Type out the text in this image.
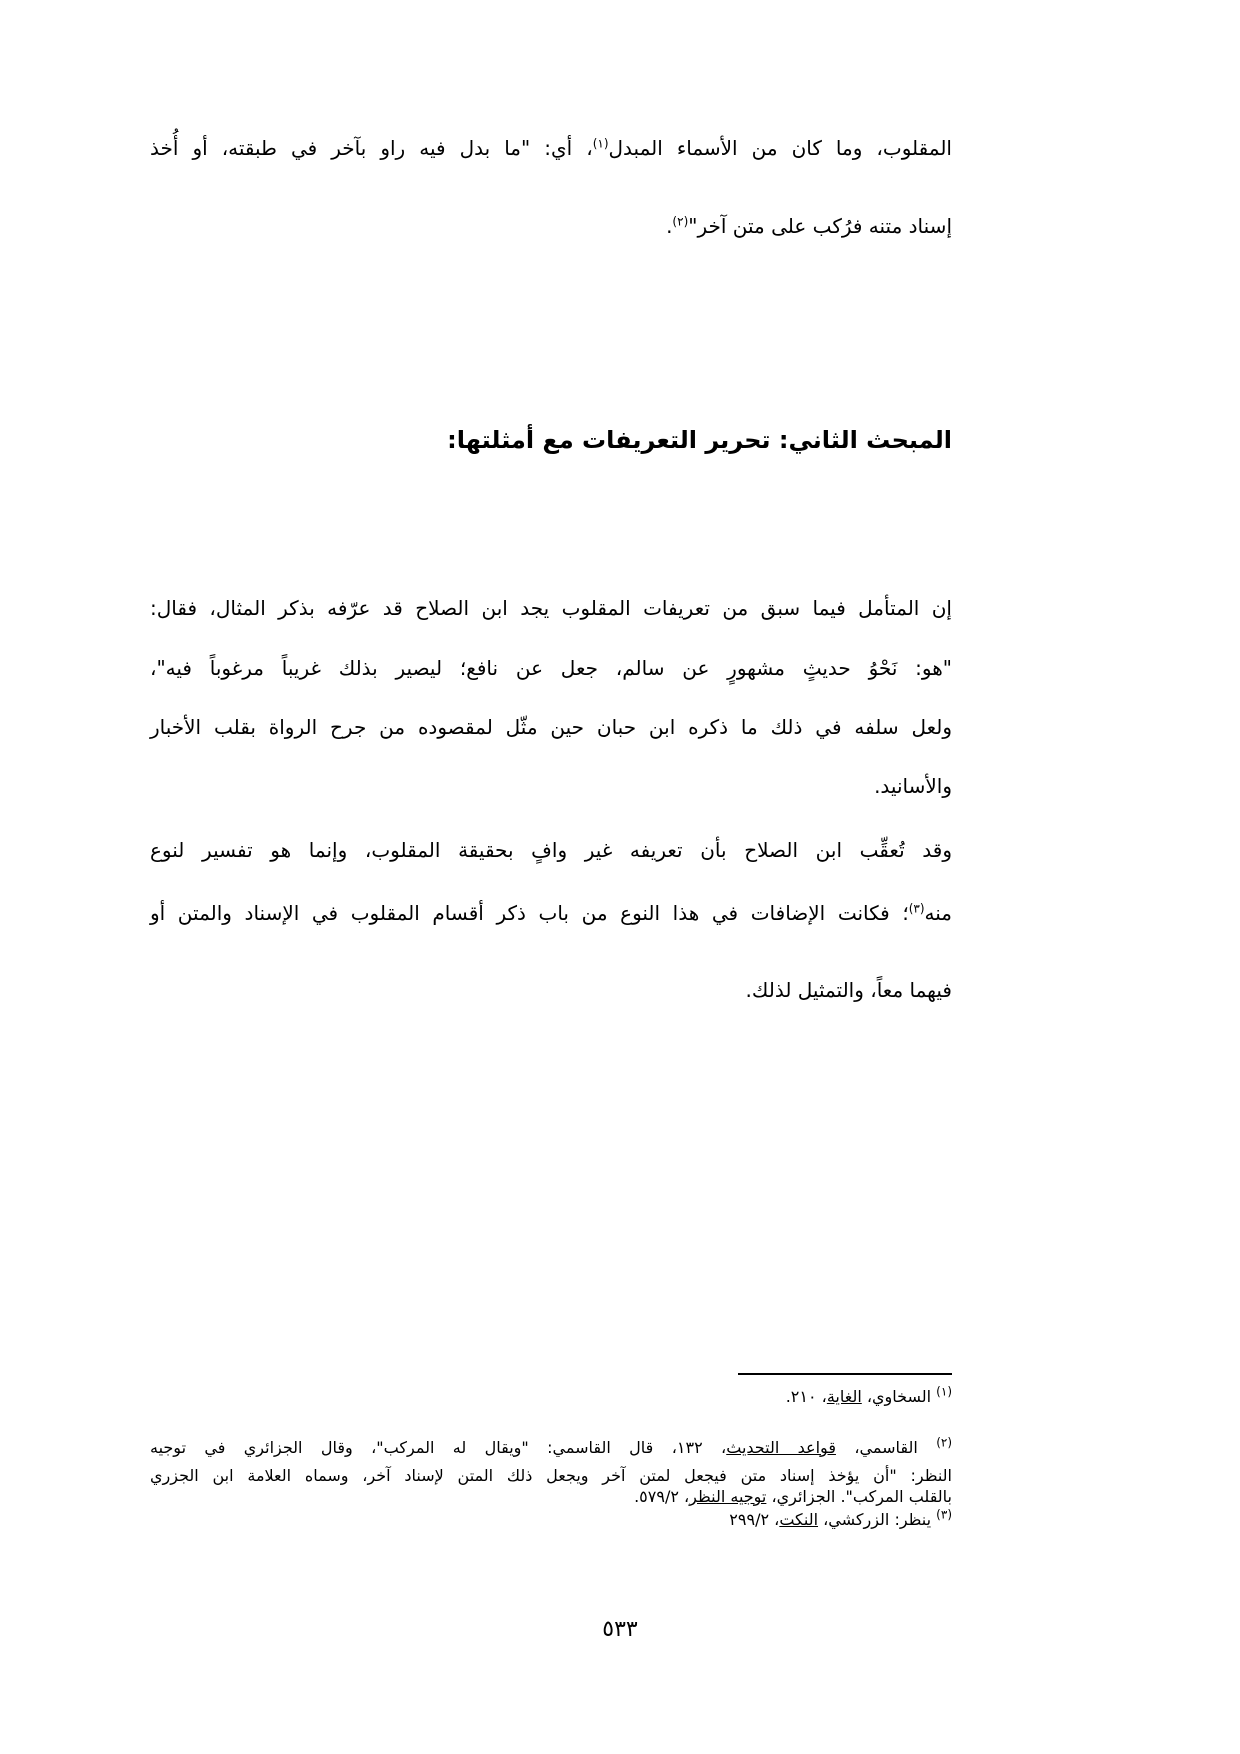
المقلوب، وما كان من الأسماء المبدل$^{(١)}$، أي: "ما بدل فيه راو بآخر في طبقته، أو أُخذ
إسناد متنه فرُكب على متن آخر"$^{(٢)}$.
المبحث الثاني: تحرير التعريفات مع أمثلتها:
إن المتأمل فيما سبق من تعريفات المقلوب يجد ابن الصلاح قد عرّفه بذكر المثال، فقال:
"هو: نَحْوُ حديثٍ مشهورٍ عن سالم، جعل عن نافع؛ ليصير بذلك غريباً مرغوباً فيه"،
ولعل سلفه في ذلك ما ذكره ابن حبان حين مثّل لمقصوده من جرح الرواة بقلب الأخبار
والأسانيد.
وقد تُعقِّب ابن الصلاح بأن تعريفه غير وافٍ بحقيقة المقلوب، وإنما هو تفسير لنوع
منه$^{(٣)}$؛ فكانت الإضافات في هذا النوع من باب ذكر أقسام المقلوب في الإسناد والمتن أو
فيهما معاً، والتمثيل لذلك.
$^{(١)}$ السخاوي، الغاية، ٢١٠.
$^{(٢)}$ القاسمي، قواعد التحديث، ١٣٢، قال القاسمي: "ويقال له المركب"، وقال الجزائري في توجيه
النظر: "أن يؤخذ إسناد متن فيجعل لمتن آخر ويجعل ذلك المتن لإسناد آخر، وسماه العلامة ابن الجزري
بالقلب المركب". الجزائري، توجيه النظر، ٥٧٩/٢.
$^{(٣)}$ ينظر: الزركشي، النكت، ٢٩٩/٢
٥٣٣
